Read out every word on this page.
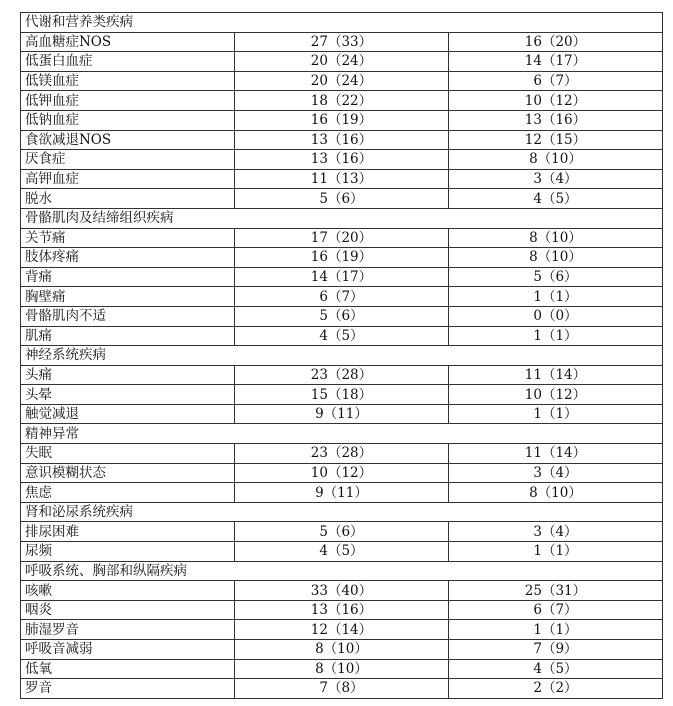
代谢和营养类疾病		
高血糖症NOS	27（33）	16（20）
低蛋白血症	20（24）	14（17）
低镁血症	20（24）	6（7）
低钾血症	18（22）	10（12）
低钠血症	16（19）	13（16）
食欲减退NOS	13（16）	12（15）
厌食症	13（16）	8（10）
高钾血症	11（13）	3（4）
脱水	5（6）	4（5）
骨骼肌肉及结缔组织疾病		
关节痛	17（20）	8（10）
肢体疼痛	16（19）	8（10）
背痛	14（17）	5（6）
胸壁痛	6（7）	1（1）
骨骼肌肉不适	5（6）	0（0）
肌痛	4（5）	1（1）
神经系统疾病		
头痛	23（28）	11（14）
头晕	15（18）	10（12）
触觉减退	9（11）	1（1）
精神异常		
失眠	23（28）	11（14）
意识模糊状态	10（12）	3（4）
焦虑	9（11）	8（10）
肾和泌尿系统疾病		
排尿困难	5（6）	3（4）
尿频	4（5）	1（1）
呼吸系统、胸部和纵隔疾病		
咳嗽	33（40）	25（31）
咽炎	13（16）	6（7）
肺湿罗音	12（14）	1（1）
呼吸音减弱	8（10）	7（9）
低氧	8（10）	4（5）
罗音	7（8）	2（2）
